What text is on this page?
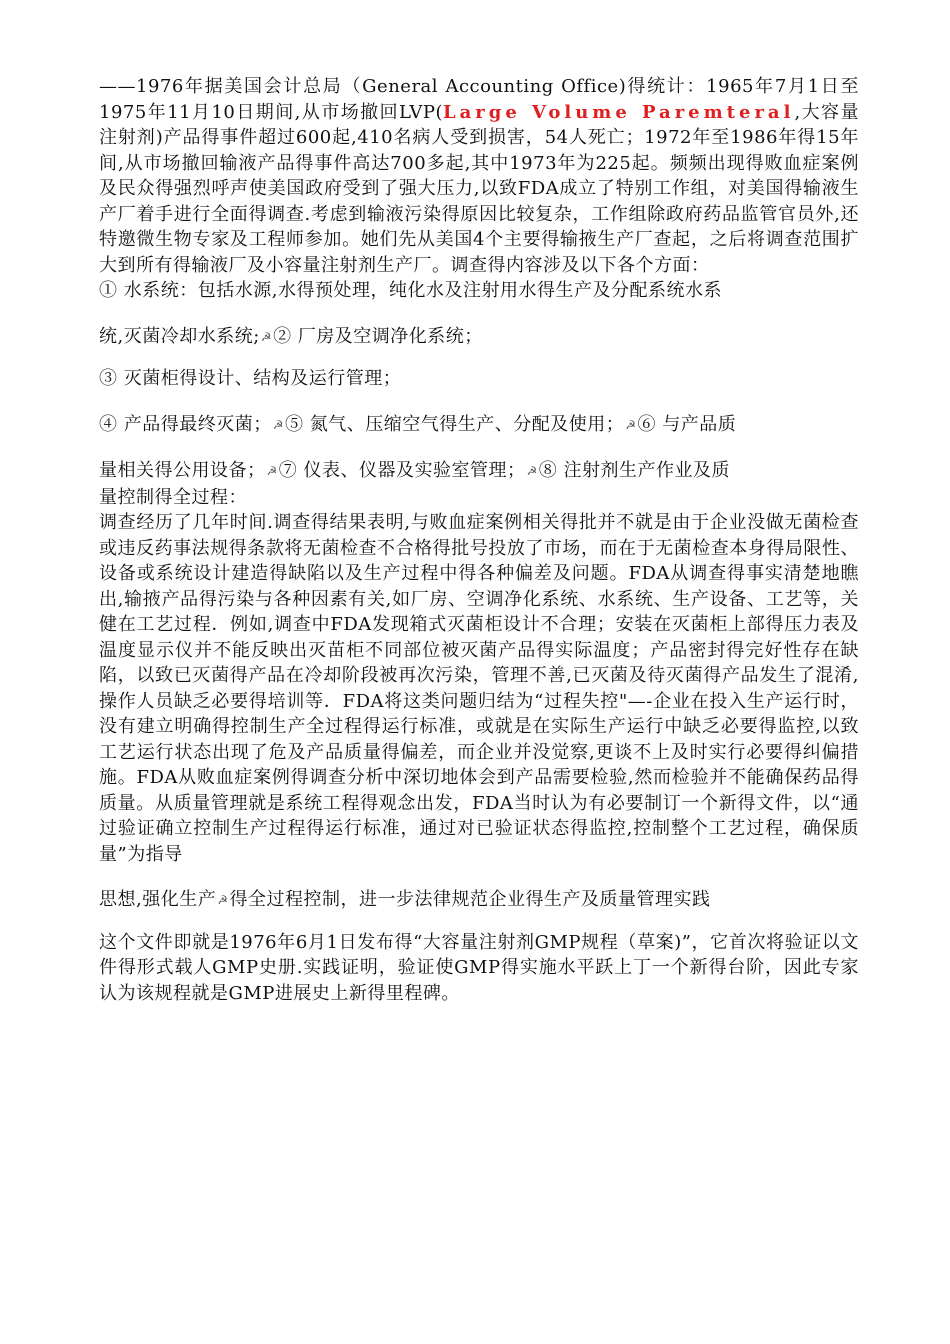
——1976年据美国会计总局（General Accounting Office)得统计：1965年7月1日至1975年11月10日期间,从市场撤回LVP(Large Volume Paremteral,大容量注射剂)产品得事件超过600起,410名病人受到损害，54人死亡；1972年至1986年得15年间,从市场撤回输液产品得事件高达700多起,其中1973年为225起。频频出现得败血症案例及民众得强烈呼声使美国政府受到了强大压力,以致FDA成立了特别工作组，对美国得输液生产厂着手进行全面得调查.考虑到输液污染得原因比较复杂，工作组除政府药品监管官员外,还特邀微生物专家及工程师参加。她们先从美国4个主要得输掖生产厂查起，之后将调查范围扩大到所有得输液厂及小容量注射剂生产厂。调查得内容涉及以下各个方面：

① 水系统：包括水源,水得预处理，纯化水及注射用水得生产及分配系统水系

统,灭菌冷却水系统;☭② 厂房及空调净化系统；

③ 灭菌柜得设计、结构及运行管理；

④ 产品得最终灭菌；☭⑤ 氮气、压缩空气得生产、分配及使用；☭⑥ 与产品质

量相关得公用设备；☭⑦ 仪表、仪器及实验室管理；☭⑧ 注射剂生产作业及质

量控制得全过程：

调查经历了几年时间.调查得结果表明,与败血症案例相关得批并不就是由于企业没做无菌检查或违反药事法规得条款将无菌检查不合格得批号投放了市场，而在于无菌检查本身得局限性、设备或系统设计建造得缺陷以及生产过程中得各种偏差及问题。FDA从调查得事实清楚地瞧出,输掖产品得污染与各种因素有关,如厂房、空调净化系统、水系统、生产设备、工艺等，关健在工艺过程．例如,调查中FDA发现箱式灭菌柜设计不合理；安装在灭菌柜上部得压力表及温度显示仪并不能反映出灭苗柜不同部位被灭菌产品得实际温度；产品密封得完好性存在缺陷，以致已灭菌得产品在冷却阶段被再次污染，管理不善,已灭菌及待灭菌得产品发生了混淆,操作人员缺乏必要得培训等．FDA将这类问题归结为“过程失控"—-企业在投入生产运行时，没有建立明确得控制生产全过程得运行标准，或就是在实际生产运行中缺乏必要得监控,以致工艺运行状态出现了危及产品质量得偏差，而企业并没觉察,更谈不上及时实行必要得纠偏措施。FDA从败血症案例得调查分析中深切地体会到产品需要检验,然而检验并不能确保药品得质量。从质量管理就是系统工程得观念出发，FDA当时认为有必要制订一个新得文件，以“通过验证确立控制生产过程得运行标准，通过对已验证状态得监控,控制整个工艺过程，确保质量”为指导

思想,强化生产☭得全过程控制，进一步法律规范企业得生产及质量管理实践

这个文件即就是1976年6月1日发布得“大容量注射剂GMP规程（草案)”，它首次将验证以文件得形式载人GMP史册.实践证明，验证使GMP得实施水平跃上丁一个新得台阶，因此专家认为该规程就是GMP进展史上新得里程碑。
